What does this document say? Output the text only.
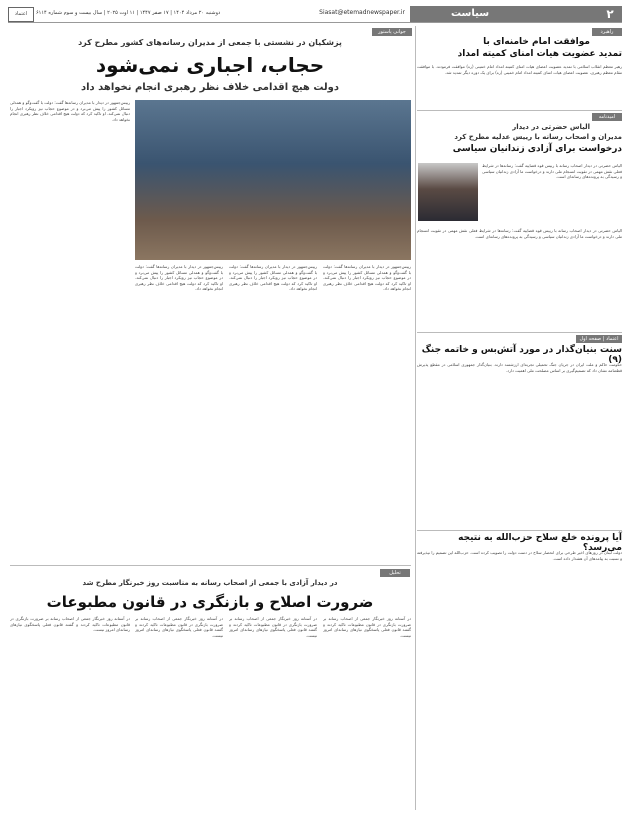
۲
سیاست
Siasat@etemadnewspaper.ir
دوشنبه ۲۰ مرداد ۱۴۰۴ | ۱۷ صفر ۱۴۴۷ | ۱۱ اوت ۲۰۲۵ | سال بیست و سوم شماره ۶۱۱۴
اعتماد
راهبرد
موافقت امام خامنه‌ای با
تمدید عضویت هیات امنای کمیته امداد
رهبر معظم انقلاب اسلامی با تمدید عضویت اعضای هیات امنای کمیته امداد امام خمینی (ره) موافقت فرمودند. با موافقت مقام معظم رهبری، عضویت اعضای هیات امنای کمیته امداد امام خمینی (ره) برای یک دوره دیگر تمدید شد.
امیدنامه
الیاس حضرتی در دیدار
مدیران و اصحاب رسانه با رییس عدلیه مطرح کرد
درخواست برای آزادی زندانیان سیاسی
الیاس حضرتی در دیدار اصحاب رسانه با رییس قوه قضاییه گفت: رسانه‌ها در شرایط فعلی نقش مهمی در تقویت انسجام ملی دارند و درخواست ما آزادی زندانیان سیاسی و رسیدگی به پرونده‌های رسانه‌ای است.
الیاس حضرتی در دیدار اصحاب رسانه با رییس قوه قضاییه گفت: رسانه‌ها در شرایط فعلی نقش مهمی در تقویت انسجام ملی دارند و درخواست ما آزادی زندانیان سیاسی و رسیدگی به پرونده‌های رسانه‌ای است.
اعتماد | صفحه اول
سنت بنیان‌گذار در مورد آتش‌بس و خاتمه جنگ (۹)
حکومت حاکم و ملت ایران در جریان جنگ تحمیلی تجربه‌ای ارزشمند دارند. بنیان‌گذار جمهوری اسلامی در مقطع پذیرش قطعنامه نشان داد که تصمیم‌گیری بر اساس مصلحت ملی اهمیت دارد.
آیا پرونده خلع سلاح حزب‌الله به نتیجه می‌رسد؟
دولت لبنان در روزهای اخیر طرحی برای انحصار سلاح در دست دولت را تصویب کرده است. حزب‌الله این تصمیم را نپذیرفته و نسبت به پیامدهای آن هشدار داده است.
جوانی پاستور
پزشکیان در نشستی با جمعی از مدیران رسانه‌های کشور مطرح کرد
حجاب، اجباری نمی‌شود
دولت هیچ اقدامی خلاف نظر رهبری انجام نخواهد داد
رییس‌جمهور در دیدار با مدیران رسانه‌ها گفت: دولت با گفت‌وگو و همدلی مسائل کشور را پیش می‌برد و در موضوع حجاب نیز رویکرد اجبار را دنبال نمی‌کند. او تاکید کرد که دولت هیچ اقدامی خلاف نظر رهبری انجام نخواهد داد.
رییس‌جمهور در دیدار با مدیران رسانه‌ها گفت: دولت با گفت‌وگو و همدلی مسائل کشور را پیش می‌برد و در موضوع حجاب نیز رویکرد اجبار را دنبال نمی‌کند. او تاکید کرد که دولت هیچ اقدامی خلاف نظر رهبری انجام نخواهد داد.
رییس‌جمهور در دیدار با مدیران رسانه‌ها گفت: دولت با گفت‌وگو و همدلی مسائل کشور را پیش می‌برد و در موضوع حجاب نیز رویکرد اجبار را دنبال نمی‌کند. او تاکید کرد که دولت هیچ اقدامی خلاف نظر رهبری انجام نخواهد داد.
رییس‌جمهور در دیدار با مدیران رسانه‌ها گفت: دولت با گفت‌وگو و همدلی مسائل کشور را پیش می‌برد و در موضوع حجاب نیز رویکرد اجبار را دنبال نمی‌کند. او تاکید کرد که دولت هیچ اقدامی خلاف نظر رهبری انجام نخواهد داد.
تحلیل
در دیدار آزادی با جمعی از اصحاب رسانه به مناسبت روز خبرنگار مطرح شد
ضرورت اصلاح و بازنگری در قانون مطبوعات
در آستانه روز خبرنگار جمعی از اصحاب رسانه بر ضرورت بازنگری در قانون مطبوعات تاکید کردند و گفتند قانون فعلی پاسخگوی نیازهای رسانه‌ای امروز نیست.
در آستانه روز خبرنگار جمعی از اصحاب رسانه بر ضرورت بازنگری در قانون مطبوعات تاکید کردند و گفتند قانون فعلی پاسخگوی نیازهای رسانه‌ای امروز نیست.
در آستانه روز خبرنگار جمعی از اصحاب رسانه بر ضرورت بازنگری در قانون مطبوعات تاکید کردند و گفتند قانون فعلی پاسخگوی نیازهای رسانه‌ای امروز نیست.
در آستانه روز خبرنگار جمعی از اصحاب رسانه بر ضرورت بازنگری در قانون مطبوعات تاکید کردند و گفتند قانون فعلی پاسخگوی نیازهای رسانه‌ای امروز نیست.
